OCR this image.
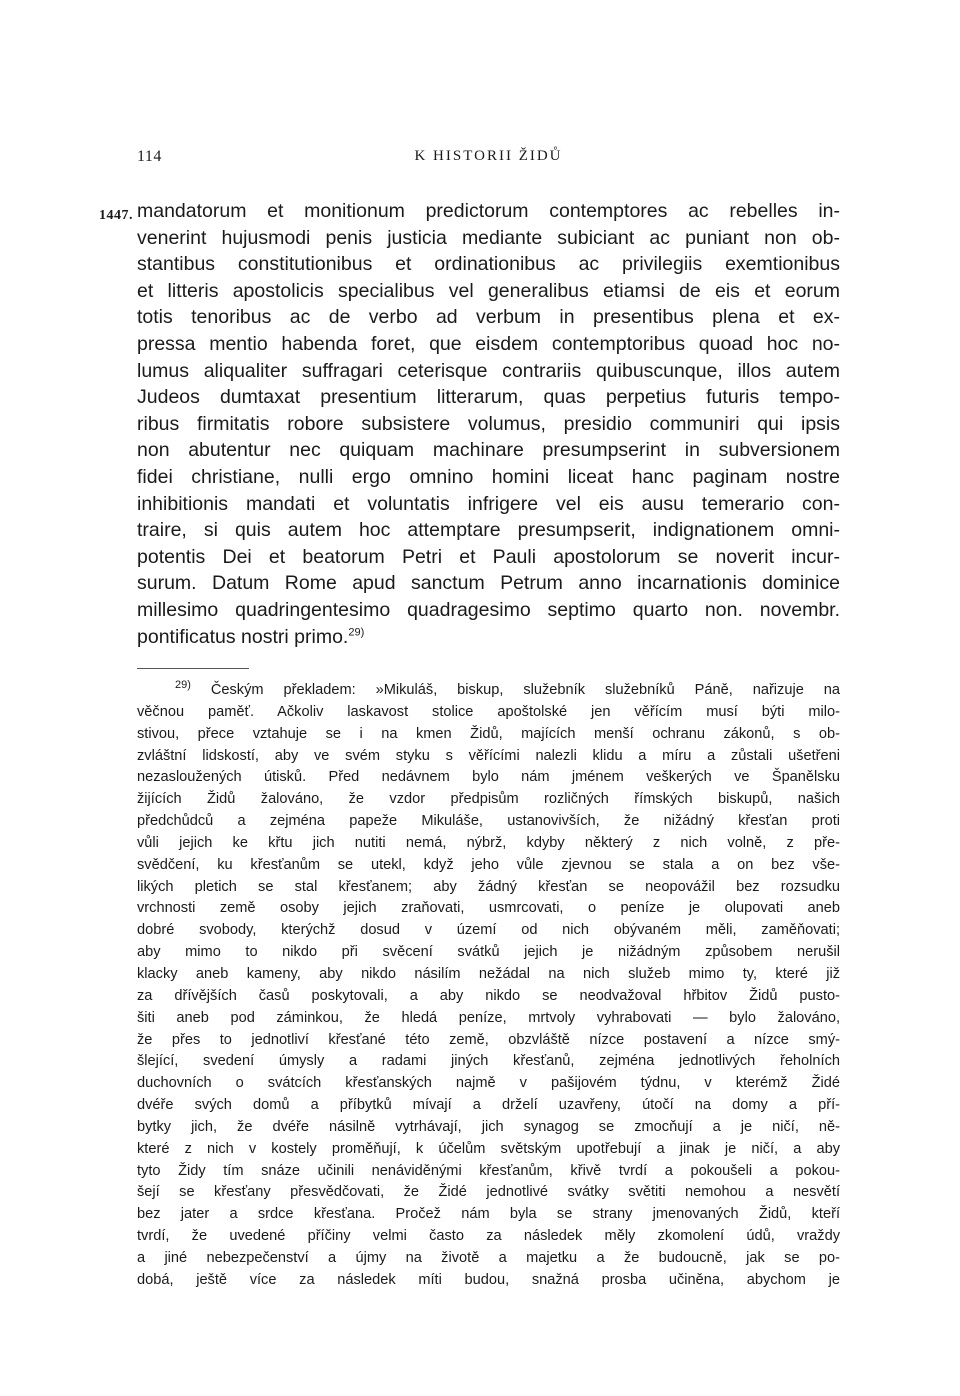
114	K HISTORII ŽIDŮ
1447. mandatorum et monitionum predictorum contemptores ac rebelles in-
venerint hujusmodi penis justicia mediante subiciant ac puniant non ob-
stantibus constitutionibus et ordinationibus ac privilegiis exemtionibus
et litteris apostolicis specialibus vel generalibus etiamsi de eis et eorum
totis tenoribus ac de verbo ad verbum in presentibus plena et ex-
pressa mentio habenda foret, que eisdem contemptoribus quoad hoc no-
lumus aliqualiter suffragari ceterisque contrariis quibuscunque, illos autem
Judeos dumtaxat presentium litterarum, quas perpetius futuris tempo-
ribus firmitatis robore subsistere volumus, presidio communiri qui ipsis
non abutentur nec quiquam machinare presumpserint in subversionem
fidei christiane, nulli ergo omnino homini liceat hanc paginam nostre
inhibitionis mandati et voluntatis infrigere vel eis ausu temerario con-
traire, si quis autem hoc attemptare presumpserit, indignationem omni-
potentis Dei et beatorum Petri et Pauli apostolorum se noverit incur-
surum. Datum Rome apud sanctum Petrum anno incarnationis dominice
millesimo quadringentesimo quadragesimo septimo quarto non. novembr.
pontificatus nostri primo.$^{29)}$
$^{29)}$ Českým překladem: »Mikuláš, biskup, služebník služebníků Páně, nařizuje na
věčnou paměť. Ačkoliv laskavost stolice apoštolské jen věřícím musí býti milo-
stivou, přece vztahuje se i na kmen Židů, majících menší ochranu zákonů, s ob-
zvláštní lidskostí, aby ve svém styku s věřícími nalezli klidu a míru a zůstali ušetřeni
nezasloužených útisků. Před nedávnem bylo nám jménem veškerých ve Španělsku
žijících Židů žalováno, že vzdor předpisům rozličných římských biskupů, našich
předchůdců a zejména papeže Mikuláše, ustanovivších, že nižádný křesťan proti
vůli jejich ke křtu jich nutiti nemá, nýbrž, kdyby některý z nich volně, z pře-
svědčení, ku křesťanům se utekl, když jeho vůle zjevnou se stala a on bez vše-
likých pletich se stal křesťanem; aby žádný křesťan se neopovážil bez rozsudku
vrchnosti země osoby jejich zraňovati, usmrcovati, o peníze je olupovati aneb
dobré svobody, kterýchž dosud v území od nich obývaném měli, zaměňovati;
aby mimo to nikdo při svěcení svátků jejich je nižádným způsobem nerušil
klacky aneb kameny, aby nikdo násilím nežádal na nich služeb mimo ty, které již
za dřívějších časů poskytovali, a aby nikdo se neodvažoval hřbitov Židů pusto-
šiti aneb pod záminkou, že hledá peníze, mrtvoly vyhrabovati — bylo žalováno,
že přes to jednotliví křesťané této země, obzvláště nízce postavení a nízce smý-
šlející, svedení úmysly a radami jiných křesťanů, zejména jednotlivých řeholních
duchovních o svátcích křesťanských najmě v pašijovém týdnu, v kterémž Židé
dvéře svých domů a příbytků mívají a drželí uzavřeny, útočí na domy a pří-
bytky jich, že dvéře násilně vytrhávají, jich synagog se zmocňují a je ničí, ně-
které z nich v kostely proměňují, k účelům světským upotřebují a jinak je ničí, a aby
tyto Židy tím snáze učinili nenáviděnými křesťanům, křivě tvrdí a pokoušeli a pokou-
šejí se křesťany přesvědčovati, že Židé jednotlivé svátky světiti nemohou a nesvětí
bez jater a srdce křesťana. Pročež nám byla se strany jmenovaných Židů, kteří
tvrdí, že uvedené příčiny velmi často za následek měly zkomolení údů, vraždy
a jiné nebezpečenství a újmy na životě a majetku a že budoucně, jak se po-
dobá, ještě více za následek míti budou, snažná prosba učiněna, abychom je
